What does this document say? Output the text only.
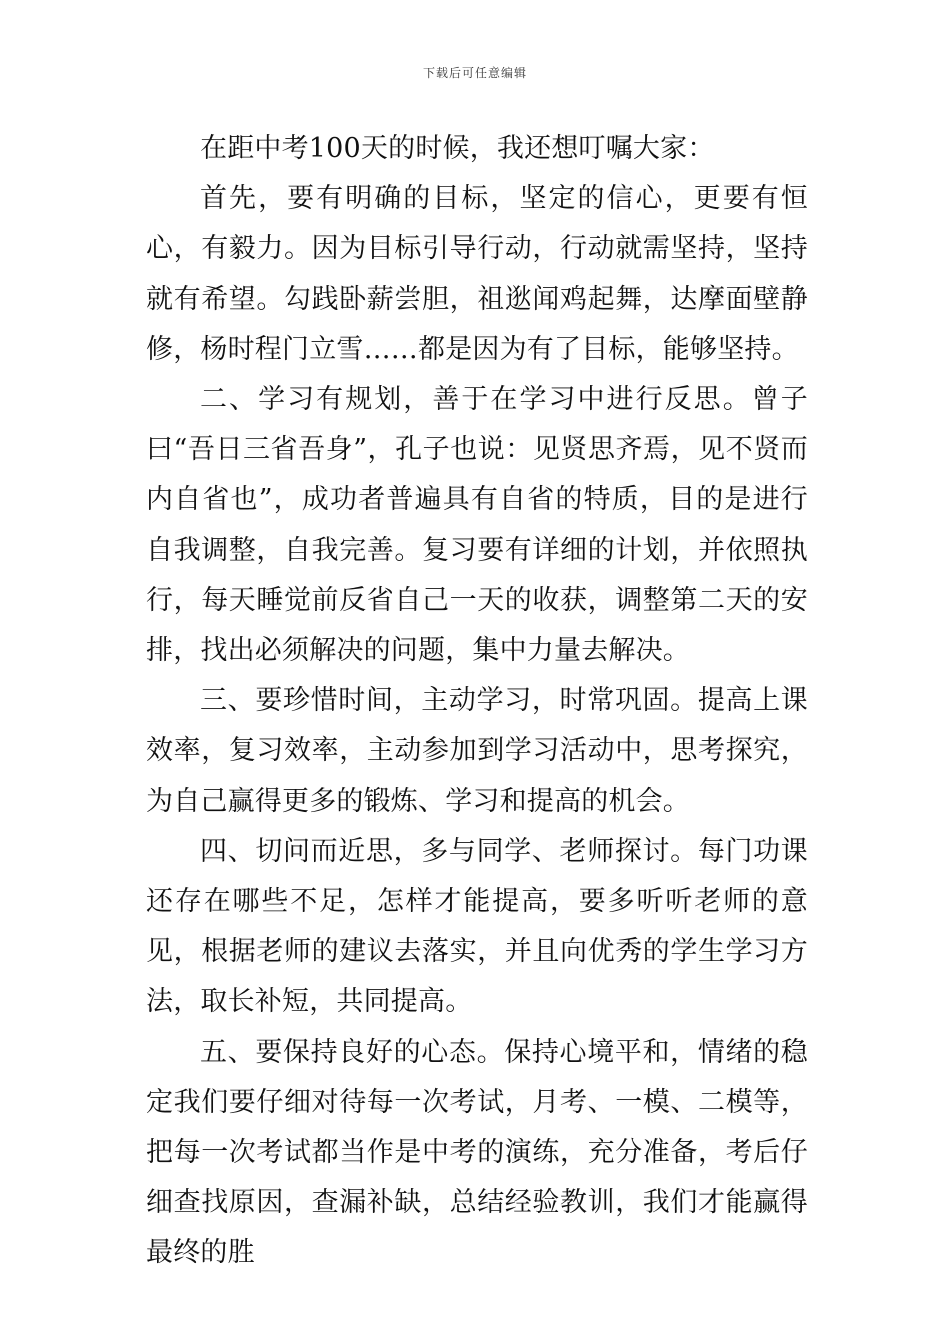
下载后可任意编辑

在距中考100天的时候，我还想叮嘱大家：

首先，要有明确的目标，坚定的信心，更要有恒心，有毅力。因为目标引导行动，行动就需坚持，坚持就有希望。勾践卧薪尝胆，祖逖闻鸡起舞，达摩面壁静修，杨时程门立雪……都是因为有了目标，能够坚持。

二、学习有规划，善于在学习中进行反思。曾子曰“吾日三省吾身”，孔子也说：见贤思齐焉，见不贤而内自省也”，成功者普遍具有自省的特质，目的是进行自我调整，自我完善。复习要有详细的计划，并依照执行，每天睡觉前反省自己一天的收获，调整第二天的安排，找出必须解决的问题，集中力量去解决。

三、要珍惜时间，主动学习，时常巩固。提高上课效率，复习效率，主动参加到学习活动中，思考探究，为自己赢得更多的锻炼、学习和提高的机会。

四、切问而近思，多与同学、老师探讨。每门功课还存在哪些不足，怎样才能提高，要多听听老师的意见，根据老师的建议去落实，并且向优秀的学生学习方法，取长补短，共同提高。

五、要保持良好的心态。保持心境平和，情绪的稳定我们要仔细对待每一次考试，月考、一模、二模等，把每一次考试都当作是中考的演练，充分准备，考后仔细查找原因，查漏补缺，总结经验教训，我们才能赢得最终的胜
